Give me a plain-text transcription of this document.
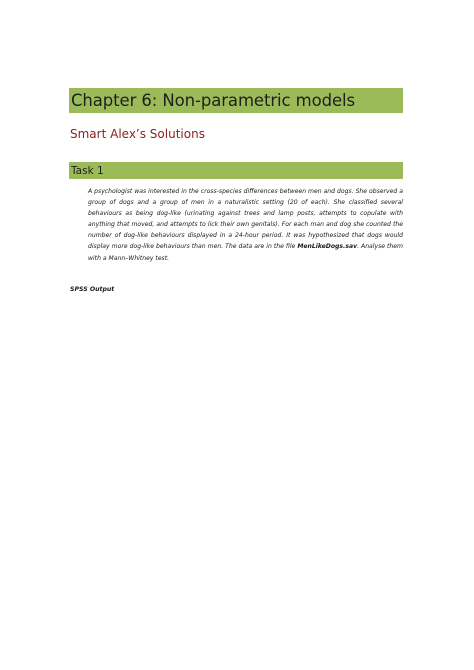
Chapter 6: Non-parametric models
Smart Alex’s Solutions
Task 1

A psychologist was interested in the cross-species differences between men and dogs. She observed a group of dogs and a group of men in a naturalistic setting (20 of each). She classified several behaviours as being dog-like (urinating against trees and lamp posts, attempts to copulate with anything that moved, and attempts to lick their own genitals). For each man and dog she counted the number of dog-like behaviours displayed in a 24-hour period. It was hypothesized that dogs would display more dog-like behaviours than men. The data are in the file MenLikeDogs.sav. Analyse them with a Mann–Whitney test.

SPSS Output
